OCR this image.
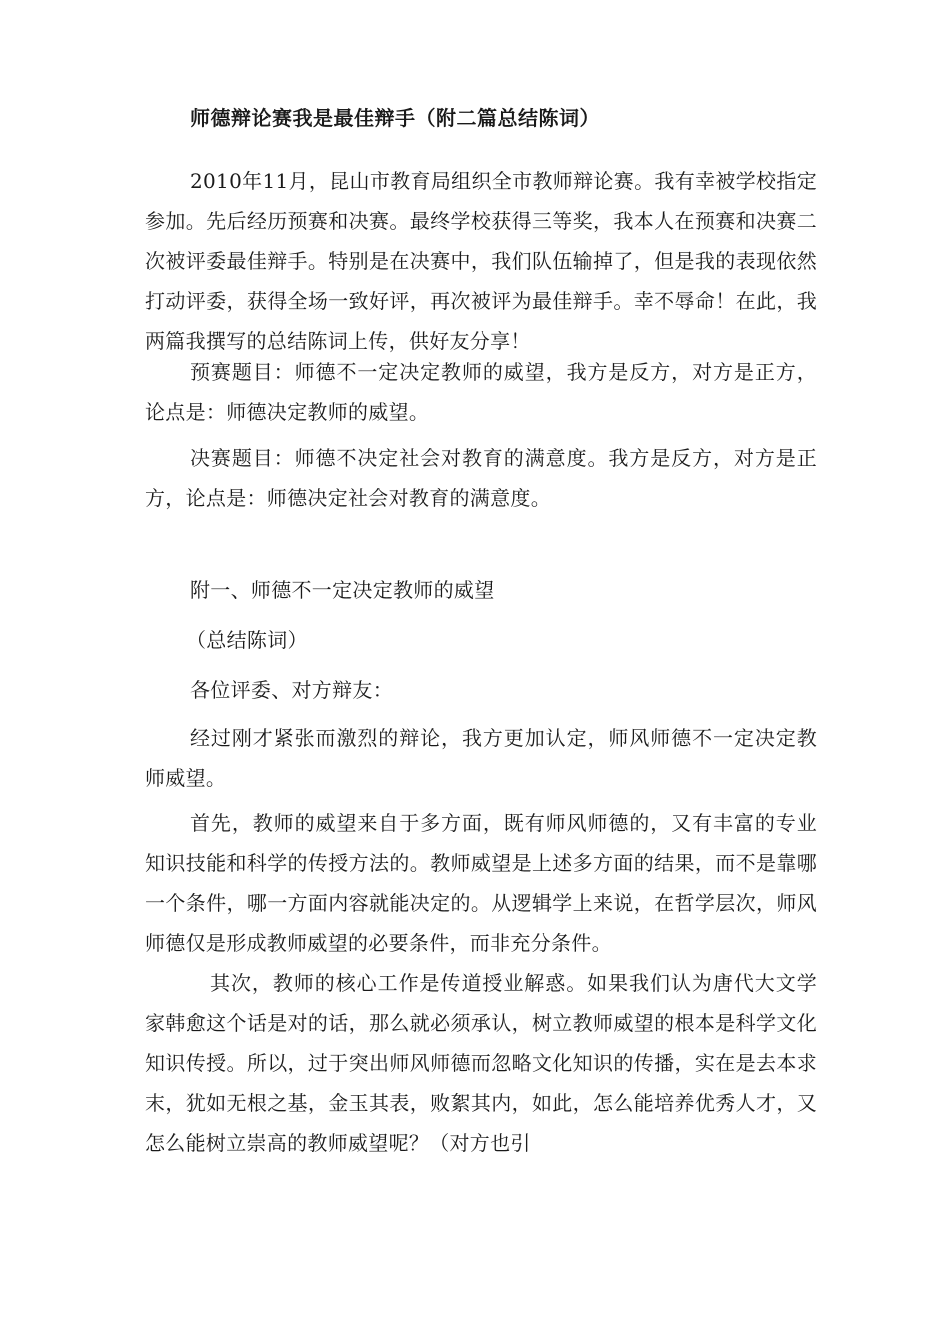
师德辩论赛我是最佳辩手（附二篇总结陈词）
2010年11月，昆山市教育局组织全市教师辩论赛。我有幸被学校指定参加。先后经历预赛和决赛。最终学校获得三等奖，我本人在预赛和决赛二次被评委最佳辩手。特别是在决赛中，我们队伍输掉了，但是我的表现依然打动评委，获得全场一致好评，再次被评为最佳辩手。幸不辱命！在此，我两篇我撰写的总结陈词上传，供好友分享！
预赛题目：师德不一定决定教师的威望，我方是反方，对方是正方，论点是：师德决定教师的威望。
决赛题目：师德不决定社会对教育的满意度。我方是反方，对方是正方，论点是：师德决定社会对教育的满意度。
附一、师德不一定决定教师的威望
（总结陈词）
各位评委、对方辩友：
经过刚才紧张而激烈的辩论，我方更加认定，师风师德不一定决定教师威望。
首先，教师的威望来自于多方面，既有师风师德的，又有丰富的专业知识技能和科学的传授方法的。教师威望是上述多方面的结果，而不是靠哪一个条件，哪一方面内容就能决定的。从逻辑学上来说，在哲学层次，师风师德仅是形成教师威望的必要条件，而非充分条件。
其次，教师的核心工作是传道授业解惑。如果我们认为唐代大文学家韩愈这个话是对的话，那么就必须承认，树立教师威望的根本是科学文化知识传授。所以，过于突出师风师德而忽略文化知识的传播，实在是去本求末，犹如无根之基，金玉其表，败絮其内，如此，怎么能培养优秀人才，又怎么能树立崇高的教师威望呢？（对方也引
